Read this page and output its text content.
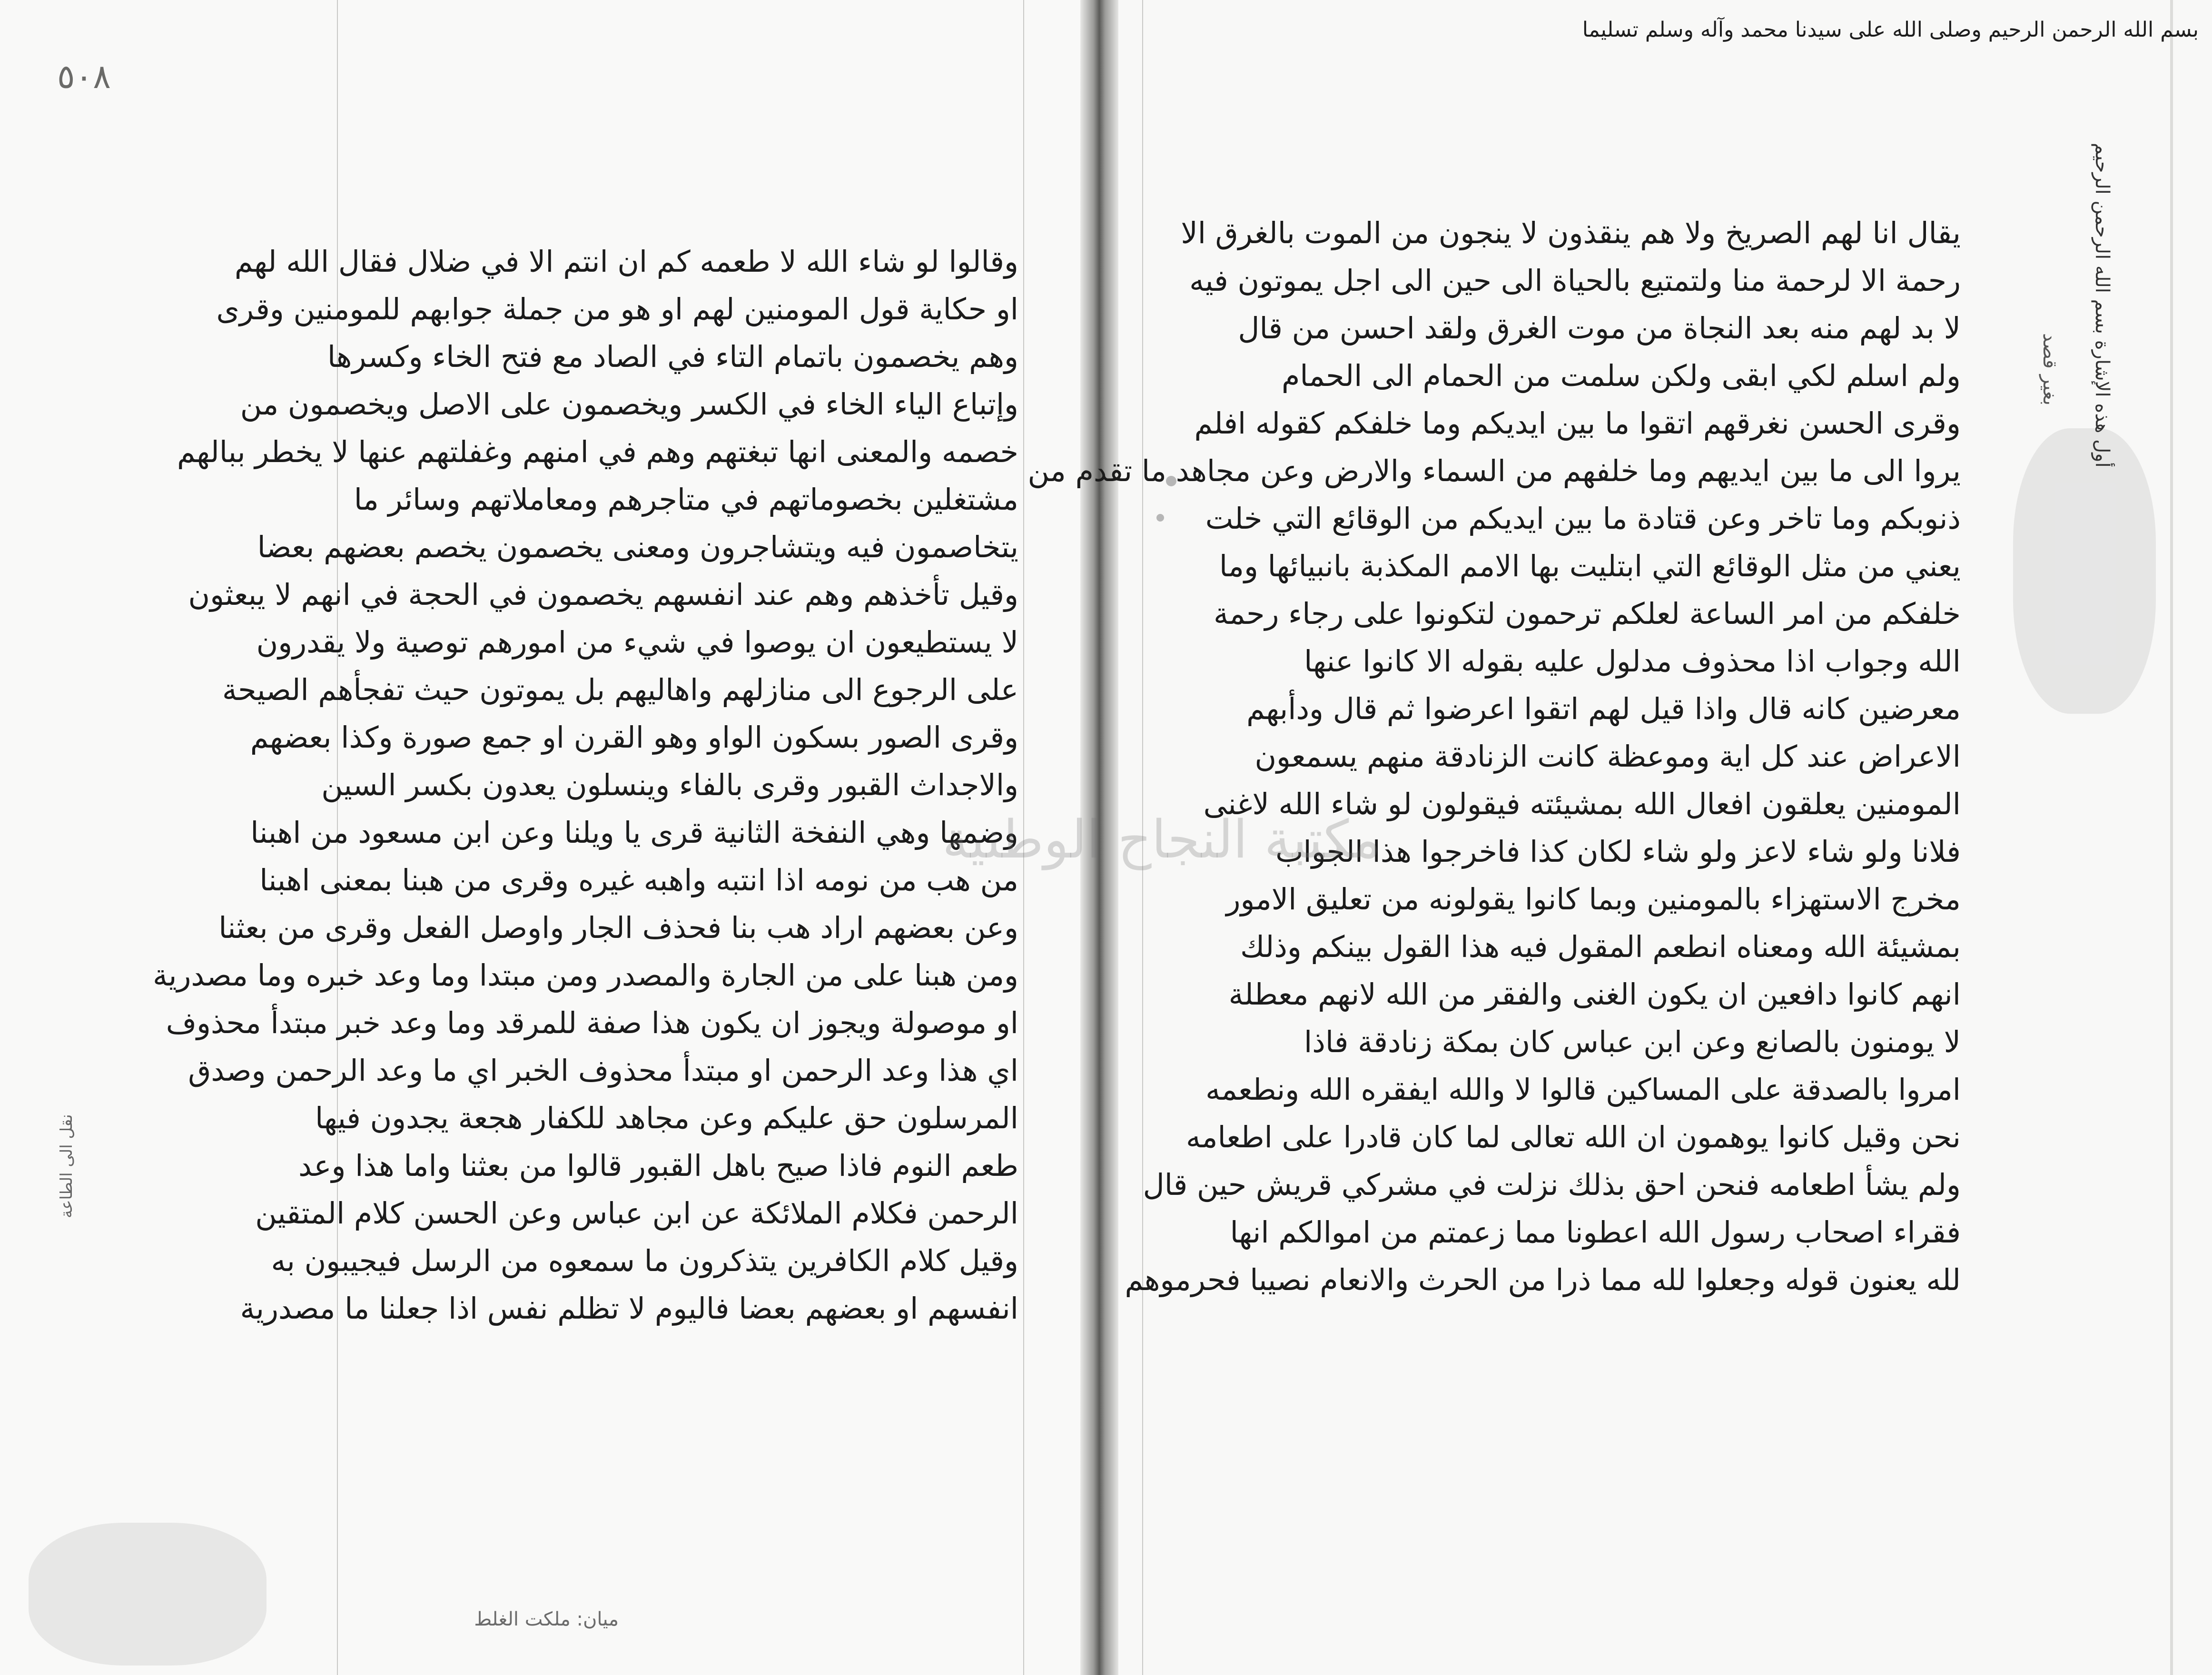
٥٠٨
بسم الله الرحمن الرحيم وصلى الله على سيدنا محمد وآله وسلم تسليما
أول هذه الإشارة بسم الله الرحمن الرحيم
بغير قصد
نقل الى الطاعة
وقالوا لو شاء الله لا طعمه كم ان انتم الا في ضلال فقال الله لهم
او حكاية قول المومنين لهم او هو من جملة جوابهم للمومنين وقرى
وهم يخصمون باتمام التاء في الصاد مع فتح الخاء وكسرها
وإتباع الياء الخاء في الكسر ويخصمون على الاصل ويخصمون من
خصمه والمعنى انها تبغتهم وهم في امنهم وغفلتهم عنها لا يخطر ببالهم
مشتغلين بخصوماتهم في متاجرهم ومعاملاتهم وسائر ما
يتخاصمون فيه ويتشاجرون ومعنى يخصمون يخصم بعضهم بعضا
وقيل تأخذهم وهم عند انفسهم يخصمون في الحجة في انهم لا يبعثون
لا يستطيعون ان يوصوا في شيء من امورهم توصية ولا يقدرون
على الرجوع الى منازلهم واهاليهم بل يموتون حيث تفجأهم الصيحة
وقرى الصور بسكون الواو وهو القرن او جمع صورة وكذا بعضهم
والاجداث القبور وقرى بالفاء وينسلون يعدون بكسر السين
وضمها وهي النفخة الثانية قرى يا ويلنا وعن ابن مسعود من اهبنا
من هب من نومه اذا انتبه واهبه غيره وقرى من هبنا بمعنى اهبنا
وعن بعضهم اراد هب بنا فحذف الجار واوصل الفعل وقرى من بعثنا
ومن هبنا على من الجارة والمصدر ومن مبتدا وما وعد خبره وما مصدرية
او موصولة ويجوز ان يكون هذا صفة للمرقد وما وعد خبر مبتدأ محذوف
اي هذا وعد الرحمن او مبتدأ محذوف الخبر اي ما وعد الرحمن وصدق
المرسلون حق عليكم وعن مجاهد للكفار هجعة يجدون فيها
طعم النوم فاذا صيح باهل القبور قالوا من بعثنا واما هذا وعد
الرحمن فكلام الملائكة عن ابن عباس وعن الحسن كلام المتقين
وقيل كلام الكافرين يتذكرون ما سمعوه من الرسل فيجيبون به
انفسهم او بعضهم بعضا فاليوم لا تظلم نفس اذا جعلنا ما مصدرية
يقال انا لهم الصريخ ولا هم ينقذون لا ينجون من الموت بالغرق الا
رحمة الا لرحمة منا ولتمتيع بالحياة الى حين الى اجل يموتون فيه
لا بد لهم منه بعد النجاة من موت الغرق ولقد احسن من قال
ولم اسلم لكي ابقى ولكن سلمت من الحمام الى الحمام
وقرى الحسن نغرقهم اتقوا ما بين ايديكم وما خلفكم كقوله افلم
يروا الى ما بين ايديهم وما خلفهم من السماء والارض وعن مجاهد ما تقدم من
ذنوبكم وما تاخر وعن قتادة ما بين ايديكم من الوقائع التي خلت
يعني من مثل الوقائع التي ابتليت بها الامم المكذبة بانبيائها وما
خلفكم من امر الساعة لعلكم ترحمون لتكونوا على رجاء رحمة
الله وجواب اذا محذوف مدلول عليه بقوله الا كانوا عنها
معرضين كانه قال واذا قيل لهم اتقوا اعرضوا ثم قال ودأبهم
الاعراض عند كل اية وموعظة كانت الزنادقة منهم يسمعون
المومنين يعلقون افعال الله بمشيئته فيقولون لو شاء الله لاغنى
فلانا ولو شاء لاعز ولو شاء لكان كذا فاخرجوا هذا الجواب
مخرج الاستهزاء بالمومنين وبما كانوا يقولونه من تعليق الامور
بمشيئة الله ومعناه انطعم المقول فيه هذا القول بينكم وذلك
انهم كانوا دافعين ان يكون الغنى والفقر من الله لانهم معطلة
لا يومنون بالصانع وعن ابن عباس كان بمكة زنادقة فاذا
امروا بالصدقة على المساكين قالوا لا والله ايفقره الله ونطعمه
نحن وقيل كانوا يوهمون ان الله تعالى لما كان قادرا على اطعامه
ولم يشأ اطعامه فنحن احق بذلك نزلت في مشركي قريش حين قال
فقراء اصحاب رسول الله اعطونا مما زعمتم من اموالكم انها
لله يعنون قوله وجعلوا لله مما ذرا من الحرث والانعام نصيبا فحرموهم
مكتبة النجاح الوطنية
ميان: ملكت الغلط
